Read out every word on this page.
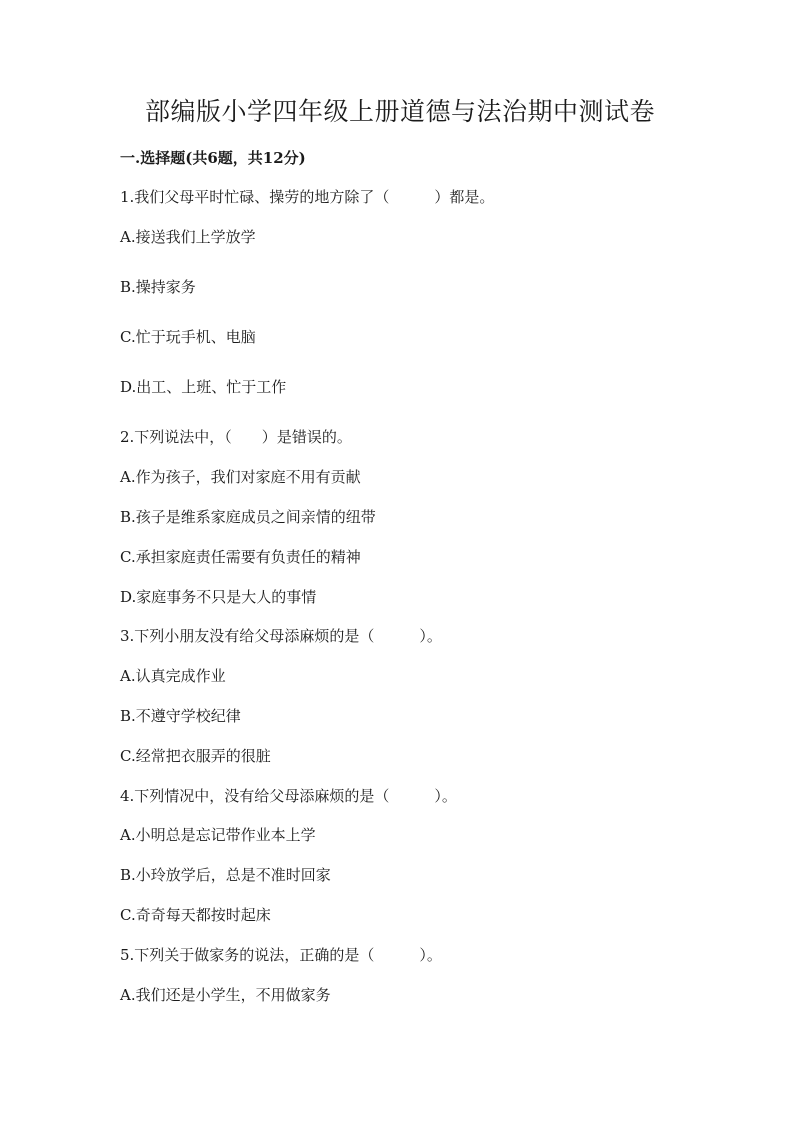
部编版小学四年级上册道德与法治期中测试卷
一.选择题(共6题，共12分)
1.我们父母平时忙碌、操劳的地方除了（　　　）都是。
A.接送我们上学放学
B.操持家务
C.忙于玩手机、电脑
D.出工、上班、忙于工作
2.下列说法中，（　　）是错误的。
A.作为孩子，我们对家庭不用有贡献
B.孩子是维系家庭成员之间亲情的纽带
C.承担家庭责任需要有负责任的精神
D.家庭事务不只是大人的事情
3.下列小朋友没有给父母添麻烦的是（　　　）。
A.认真完成作业
B.不遵守学校纪律
C.经常把衣服弄的很脏
4.下列情况中，没有给父母添麻烦的是（　　　）。
A.小明总是忘记带作业本上学
B.小玲放学后，总是不准时回家
C.奇奇每天都按时起床
5.下列关于做家务的说法，正确的是（　　　）。
A.我们还是小学生，不用做家务
